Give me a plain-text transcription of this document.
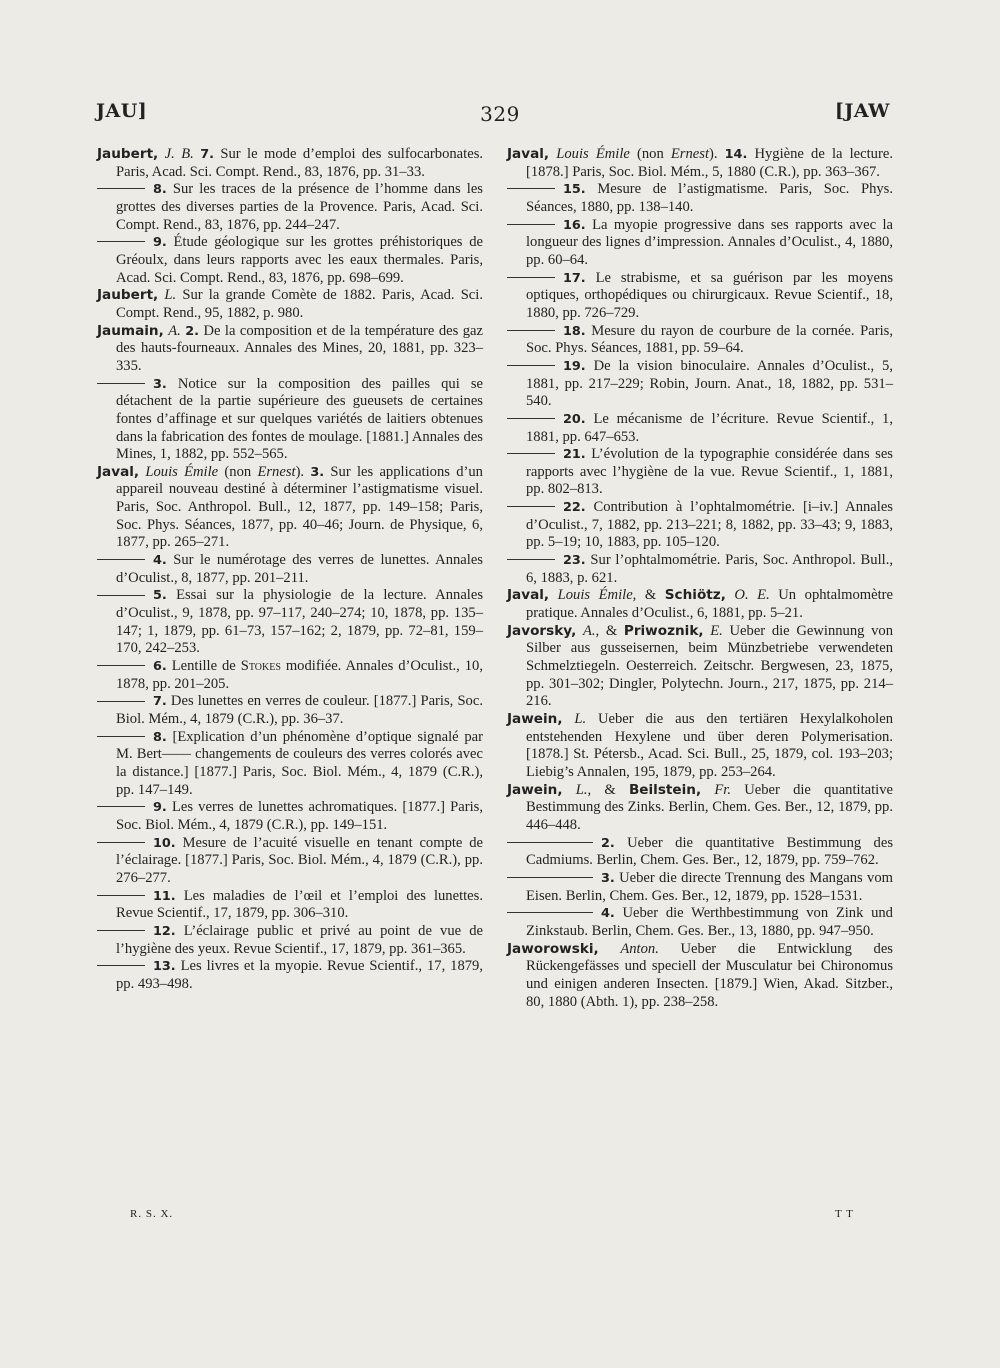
JAU]	329	[JAW
Jaubert, J. B. 7. Sur le mode d’emploi des sulfocarbonates. Paris, Acad. Sci. Compt. Rend., 83, 1876, pp. 31–33.
8. Sur les traces de la présence de l’homme dans les grottes des diverses parties de la Provence. Paris, Acad. Sci. Compt. Rend., 83, 1876, pp. 244–247.
9. Étude géologique sur les grottes préhistoriques de Gréoulx, dans leurs rapports avec les eaux thermales. Paris, Acad. Sci. Compt. Rend., 83, 1876, pp. 698–699.
Jaubert, L. Sur la grande Comète de 1882. Paris, Acad. Sci. Compt. Rend., 95, 1882, p. 980.
Jaumain, A. 2. De la composition et de la température des gaz des hauts-fourneaux. Annales des Mines, 20, 1881, pp. 323–335.
3. Notice sur la composition des pailles qui se détachent de la partie supérieure des gueusets de certaines fontes d’affinage et sur quelques variétés de laitiers obtenues dans la fabrication des fontes de moulage. [1881.] Annales des Mines, 1, 1882, pp. 552–565.
Javal, Louis Émile (non Ernest). 3. Sur les applications d’un appareil nouveau destiné à déterminer l’astigmatisme visuel. Paris, Soc. Anthropol. Bull., 12, 1877, pp. 149–158; Paris, Soc. Phys. Séances, 1877, pp. 40–46; Journ. de Physique, 6, 1877, pp. 265–271.
4. Sur le numérotage des verres de lunettes. Annales d’Oculist., 8, 1877, pp. 201–211.
5. Essai sur la physiologie de la lecture. Annales d’Oculist., 9, 1878, pp. 97–117, 240–274; 10, 1878, pp. 135–147; 1, 1879, pp. 61–73, 157–162; 2, 1879, pp. 72–81, 159–170, 242–253.
6. Lentille de Stokes modifiée. Annales d’Oculist., 10, 1878, pp. 201–205.
7. Des lunettes en verres de couleur. [1877.] Paris, Soc. Biol. Mém., 4, 1879 (C.R.), pp. 36–37.
8. [Explication d’un phénomène d’optique signalé par M. Bert—— changements de couleurs des verres colorés avec la distance.] [1877.] Paris, Soc. Biol. Mém., 4, 1879 (C.R.), pp. 147–149.
9. Les verres de lunettes achromatiques. [1877.] Paris, Soc. Biol. Mém., 4, 1879 (C.R.), pp. 149–151.
10. Mesure de l’acuité visuelle en tenant compte de l’éclairage. [1877.] Paris, Soc. Biol. Mém., 4, 1879 (C.R.), pp. 276–277.
11. Les maladies de l’œil et l’emploi des lunettes. Revue Scientif., 17, 1879, pp. 306–310.
12. L’éclairage public et privé au point de vue de l’hygiène des yeux. Revue Scientif., 17, 1879, pp. 361–365.
13. Les livres et la myopie. Revue Scientif., 17, 1879, pp. 493–498.
Javal, Louis Émile (non Ernest). 14. Hygiène de la lecture. [1878.] Paris, Soc. Biol. Mém., 5, 1880 (C.R.), pp. 363–367.
15. Mesure de l’astigmatisme. Paris, Soc. Phys. Séances, 1880, pp. 138–140.
16. La myopie progressive dans ses rapports avec la longueur des lignes d’impression. Annales d’Oculist., 4, 1880, pp. 60–64.
17. Le strabisme, et sa guérison par les moyens optiques, orthopédiques ou chirurgicaux. Revue Scientif., 18, 1880, pp. 726–729.
18. Mesure du rayon de courbure de la cornée. Paris, Soc. Phys. Séances, 1881, pp. 59–64.
19. De la vision binoculaire. Annales d’Oculist., 5, 1881, pp. 217–229; Robin, Journ. Anat., 18, 1882, pp. 531–540.
20. Le mécanisme de l’écriture. Revue Scientif., 1, 1881, pp. 647–653.
21. L’évolution de la typographie considérée dans ses rapports avec l’hygiène de la vue. Revue Scientif., 1, 1881, pp. 802–813.
22. Contribution à l’ophtalmométrie. [i–iv.] Annales d’Oculist., 7, 1882, pp. 213–221; 8, 1882, pp. 33–43; 9, 1883, pp. 5–19; 10, 1883, pp. 105–120.
23. Sur l’ophtalmométrie. Paris, Soc. Anthropol. Bull., 6, 1883, p. 621.
Javal, Louis Émile, & Schiötz, O. E. Un ophtalmomètre pratique. Annales d’Oculist., 6, 1881, pp. 5–21.
Javorsky, A., & Priwoznik, E. Ueber die Gewinnung von Silber aus gusseisernen, beim Münzbetriebe verwendeten Schmelztiegeln. Oesterreich. Zeitschr. Bergwesen, 23, 1875, pp. 301–302; Dingler, Polytechn. Journ., 217, 1875, pp. 214–216.
Jawein, L. Ueber die aus den tertiären Hexylalkoholen entstehenden Hexylene und über deren Polymerisation. [1878.] St. Pétersb., Acad. Sci. Bull., 25, 1879, col. 193–203; Liebig’s Annalen, 195, 1879, pp. 253–264.
Jawein, L., & Beilstein, Fr. Ueber die quantitative Bestimmung des Zinks. Berlin, Chem. Ges. Ber., 12, 1879, pp. 446–448.
2. Ueber die quantitative Bestimmung des Cadmiums. Berlin, Chem. Ges. Ber., 12, 1879, pp. 759–762.
3. Ueber die directe Trennung des Mangans vom Eisen. Berlin, Chem. Ges. Ber., 12, 1879, pp. 1528–1531.
4. Ueber die Werthbestimmung von Zink und Zinkstaub. Berlin, Chem. Ges. Ber., 13, 1880, pp. 947–950.
Jaworowski, Anton. Ueber die Entwicklung des Rückengefässes und speciell der Musculatur bei Chironomus und einigen anderen Insecten. [1879.] Wien, Akad. Sitzber., 80, 1880 (Abth. 1), pp. 238–258.
R. S. X.	T T
